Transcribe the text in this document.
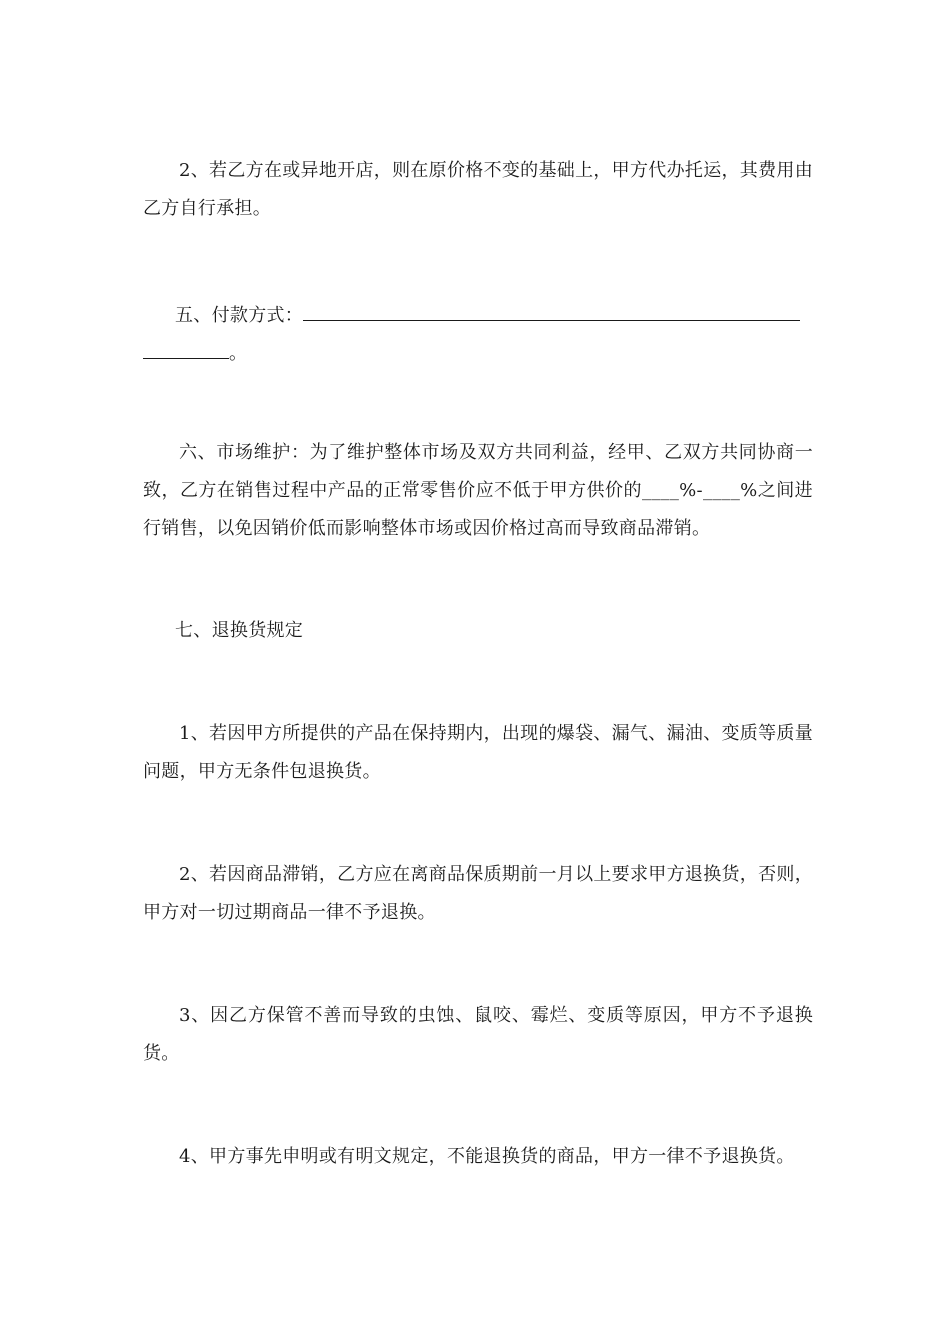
2、若乙方在或异地开店，则在原价格不变的基础上，甲方代办托运，其费用由乙方自行承担。

五、付款方式：

。

六、市场维护：为了维护整体市场及双方共同利益，经甲、乙双方共同协商一致，乙方在销售过程中产品的正常零售价应不低于甲方供价的____%-____%之间进行销售，以免因销价低而影响整体市场或因价格过高而导致商品滞销。

七、退换货规定

1、若因甲方所提供的产品在保持期内，出现的爆袋、漏气、漏油、变质等质量问题，甲方无条件包退换货。

2、若因商品滞销，乙方应在离商品保质期前一月以上要求甲方退换货，否则，甲方对一切过期商品一律不予退换。

3、因乙方保管不善而导致的虫蚀、鼠咬、霉烂、变质等原因，甲方不予退换货。

4、甲方事先申明或有明文规定，不能退换货的商品，甲方一律不予退换货。
